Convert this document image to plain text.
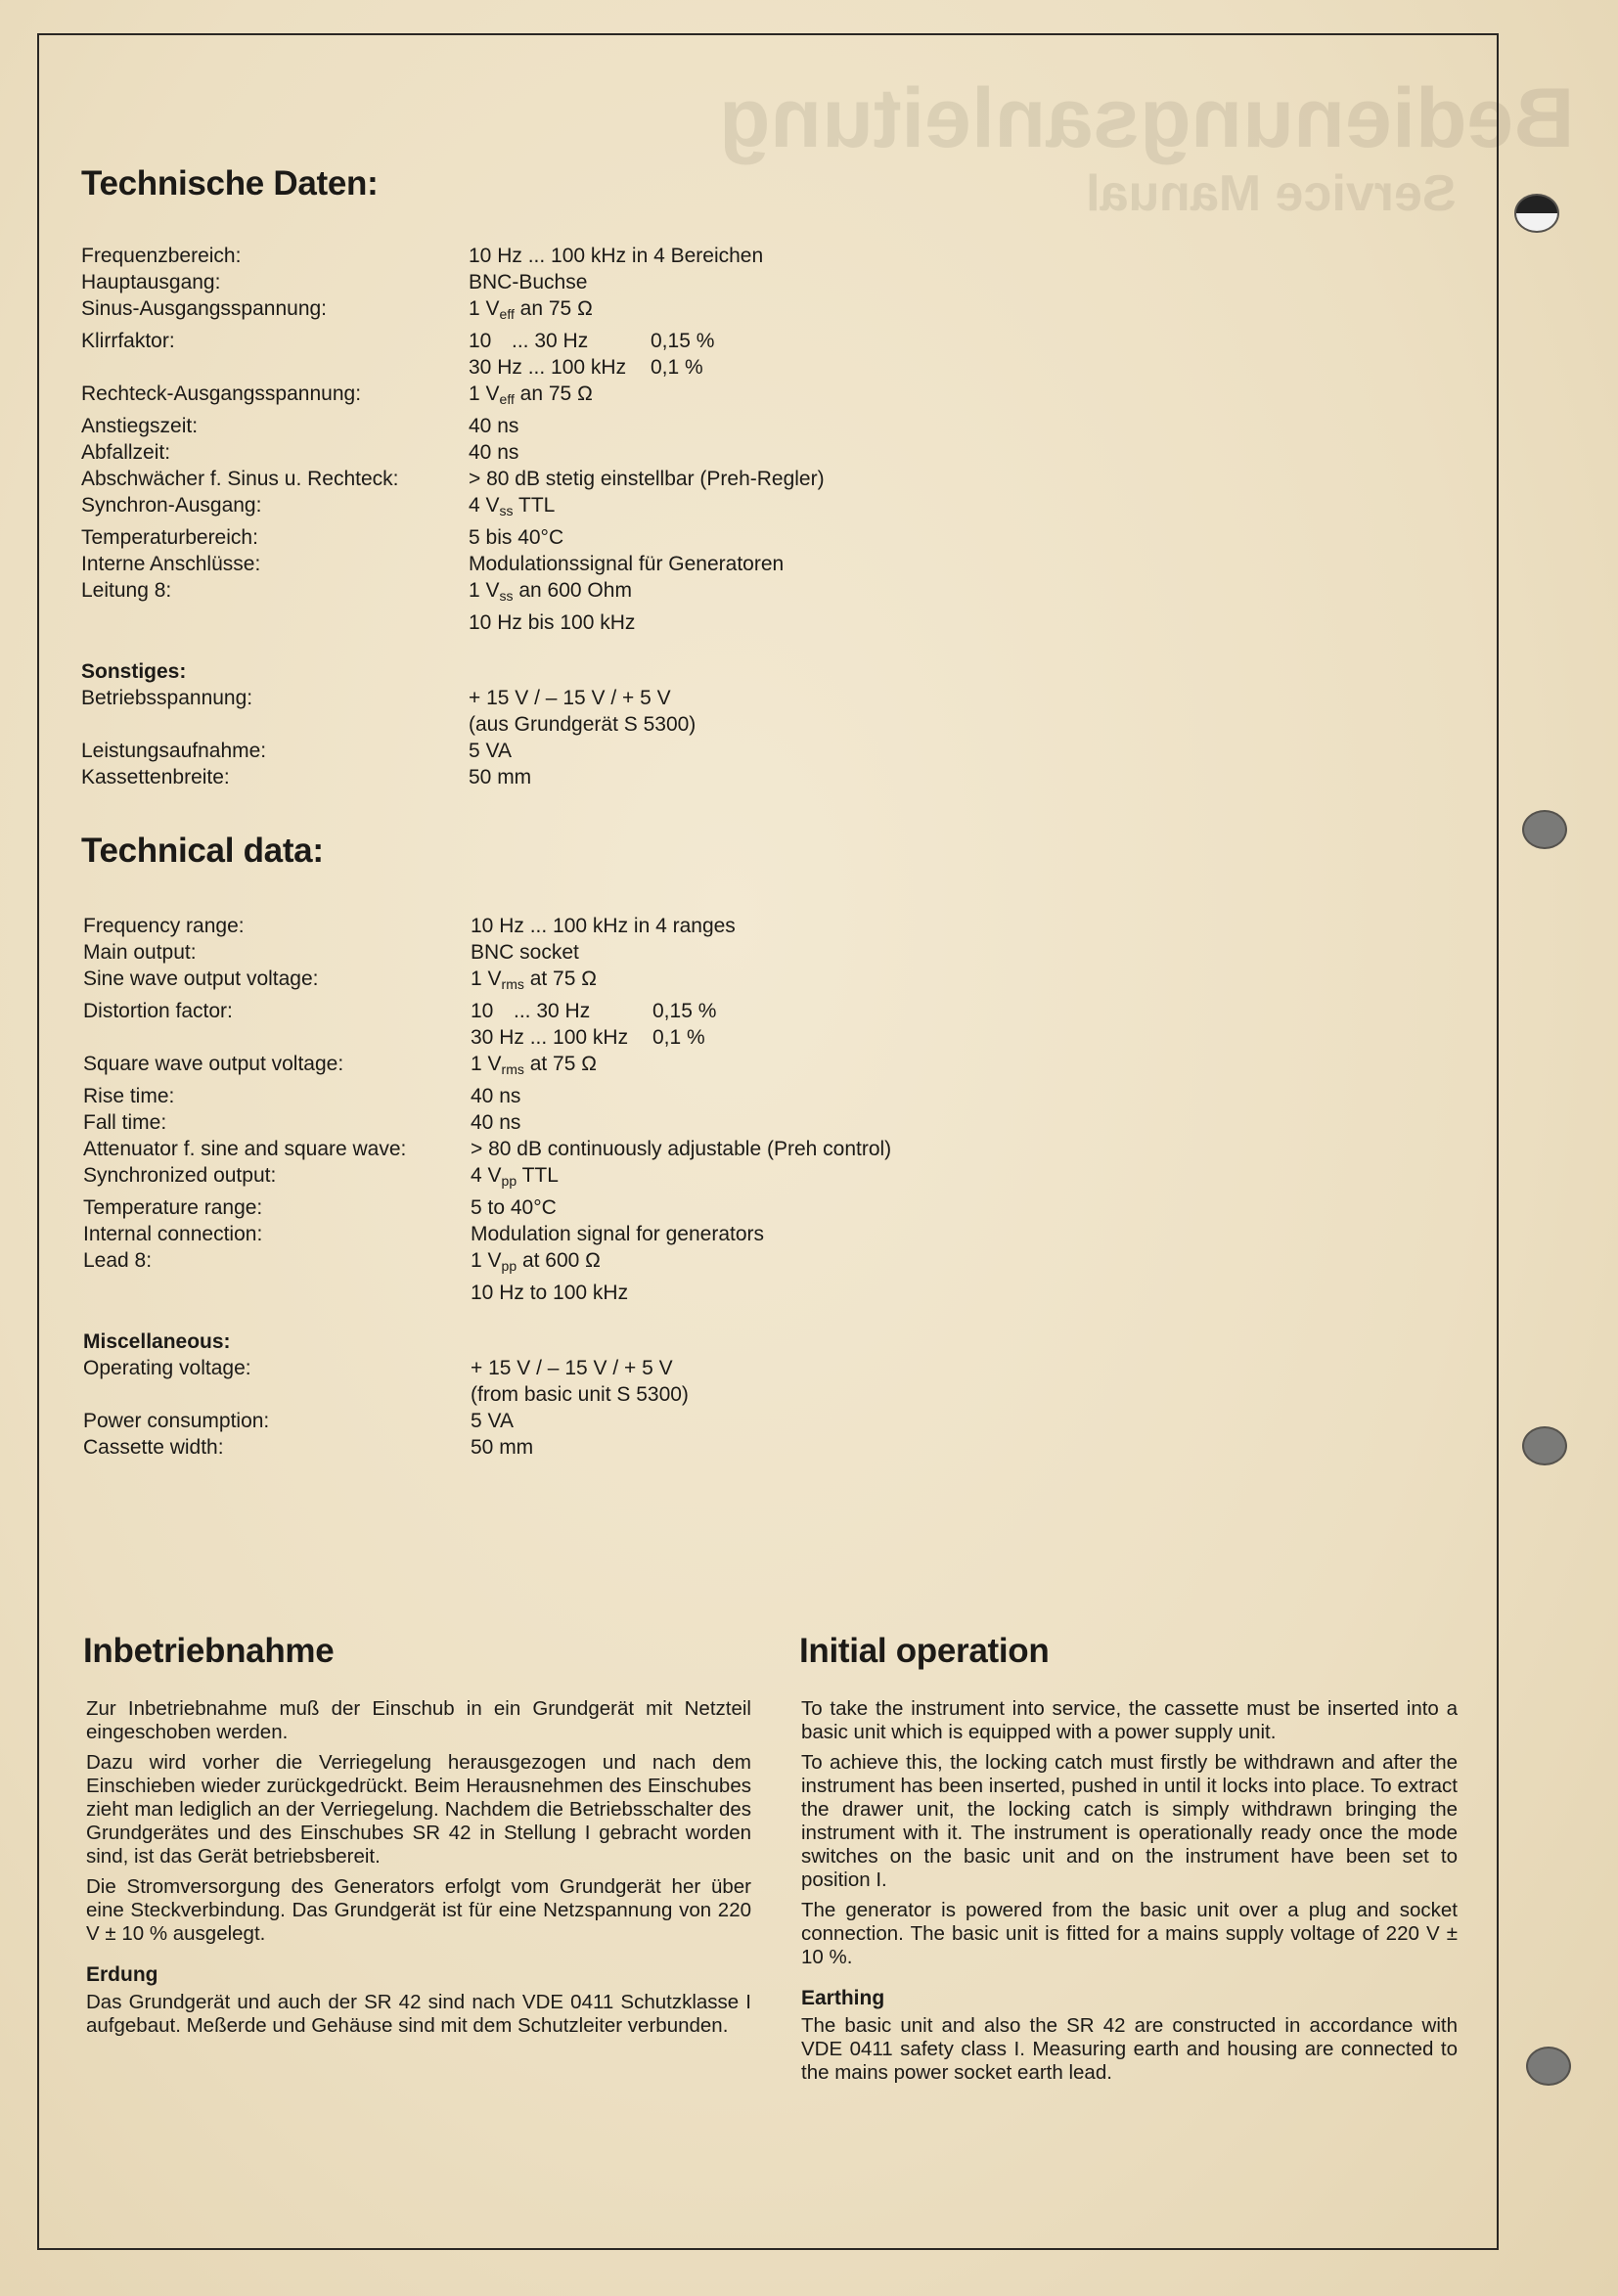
Bedienungsanleitung
Service Manual
Technische Daten:
Frequenzbereich:	10 Hz ... 100 kHz in 4 Bereichen
Hauptausgang:	BNC-Buchse
Sinus-Ausgangsspannung:	1 $V_{eff}$ an 75 Ω
Klirrfaktor:	10 ... 30 Hz	0,15 %
30 Hz ... 100 kHz 0,1 %
Rechteck-Ausgangsspannung:	1 $V_{eff}$ an 75 Ω
Anstiegszeit:	40 ns
Abfallzeit:	40 ns
Abschwächer f. Sinus u. Rechteck:	> 80 dB stetig einstellbar (Preh-Regler)
Synchron-Ausgang:	4 $V_{ss}$ TTL
Temperaturbereich:	5 bis 40°C
Interne Anschlüsse:	Modulationssignal für Generatoren
Leitung 8:	1 $V_{ss}$ an 600 Ohm
10 Hz bis 100 kHz
Sonstiges:
Betriebsspannung:	+ 15 V / – 15 V / + 5 V
(aus Grundgerät S 5300)
Leistungsaufnahme:	5 VA
Kassettenbreite:	50 mm
Technical data:
Frequency range:	10 Hz ... 100 kHz in 4 ranges
Main output:	BNC socket
Sine wave output voltage:	1 $V_{rms}$ at 75 Ω
Distortion factor:	10 ... 30 Hz	0,15 %
30 Hz ... 100 kHz 0,1 %
Square wave output voltage:	1 $V_{rms}$ at 75 Ω
Rise time:	40 ns
Fall time:	40 ns
Attenuator f. sine and square wave:	> 80 dB continuously adjustable (Preh control)
Synchronized output:	4 $V_{pp}$ TTL
Temperature range:	5 to 40°C
Internal connection:	Modulation signal for generators
Lead 8:	1 $V_{pp}$ at 600 Ω
10 Hz to 100 kHz
Miscellaneous:
Operating voltage:	+ 15 V / – 15 V / + 5 V
(from basic unit S 5300)
Power consumption:	5 VA
Cassette width:	50 mm
Inbetriebnahme

Zur Inbetriebnahme muß der Einschub in ein Grundgerät mit Netzteil eingeschoben werden.

Dazu wird vorher die Verriegelung herausgezogen und nach dem Einschieben wieder zurückgedrückt. Beim Herausnehmen des Einschubes zieht man lediglich an der Verriegelung. Nachdem die Betriebsschalter des Grundgerätes und des Einschubes SR 42 in Stellung I gebracht worden sind, ist das Gerät betriebsbereit.

Die Stromversorgung des Generators erfolgt vom Grundgerät her über eine Steckverbindung. Das Grundgerät ist für eine Netzspannung von 220 V ± 10 % ausgelegt.

Erdung

Das Grundgerät und auch der SR 42 sind nach VDE 0411 Schutzklasse I aufgebaut. Meßerde und Gehäuse sind mit dem Schutzleiter verbunden.

Initial operation

To take the instrument into service, the cassette must be inserted into a basic unit which is equipped with a power supply unit.

To achieve this, the locking catch must firstly be withdrawn and after the instrument has been inserted, pushed in until it locks into place. To extract the drawer unit, the locking catch is simply withdrawn bringing the instrument with it. The instrument is operationally ready once the mode switches on the basic unit and on the instrument have been set to position I.

The generator is powered from the basic unit over a plug and socket connection. The basic unit is fitted for a mains supply voltage of 220 V ± 10 %.

Earthing

The basic unit and also the SR 42 are constructed in accordance with VDE 0411 safety class I. Measuring earth and housing are connected to the mains power socket earth lead.
